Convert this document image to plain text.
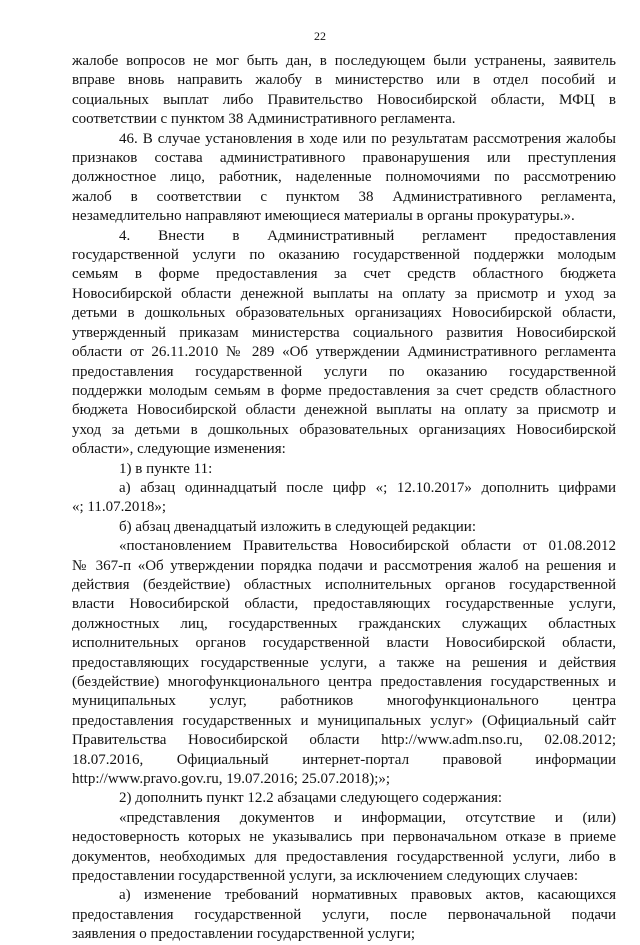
22

жалобе вопросов не мог быть дан, в последующем были устранены, заявитель

вправе вновь направить жалобу в министерство или в отдел пособий и

социальных выплат либо Правительство Новосибирской области, МФЦ в

соответствии с пунктом 38 Административного регламента.

46. В случае установления в ходе или по результатам рассмотрения жалобы

признаков состава административного правонарушения или преступления

должностное лицо, работник, наделенные полномочиями по рассмотрению

жалоб в соответствии с пунктом 38 Административного регламента,

незамедлительно направляют имеющиеся материалы в органы прокуратуры.».

4. Внести в Административный регламент предоставления

государственной услуги по оказанию государственной поддержки молодым

семьям в форме предоставления за счет средств областного бюджета

Новосибирской области денежной выплаты на оплату за присмотр и уход за

детьми в дошкольных образовательных организациях Новосибирской области,

утвержденный приказам министерства социального развития Новосибирской

области от 26.11.2010 № 289 «Об утверждении Административного регламента

предоставления государственной услуги по оказанию государственной

поддержки молодым семьям в форме предоставления за счет средств областного

бюджета Новосибирской области денежной выплаты на оплату за присмотр и

уход за детьми в дошкольных образовательных организациях Новосибирской

области», следующие изменения:

1) в пункте 11:

а) абзац одиннадцатый после цифр «; 12.10.2017» дополнить цифрами

«; 11.07.2018»;

б) абзац двенадцатый изложить в следующей редакции:

«постановлением Правительства Новосибирской области от 01.08.2012

№ 367-п «Об утверждении порядка подачи и рассмотрения жалоб на решения и

действия (бездействие) областных исполнительных органов государственной

власти Новосибирской области, предоставляющих государственные услуги,

должностных лиц, государственных гражданских служащих областных

исполнительных органов государственной власти Новосибирской области,

предоставляющих государственные услуги, а также на решения и действия

(бездействие) многофункционального центра предоставления государственных и

муниципальных услуг, работников многофункционального центра

предоставления государственных и муниципальных услуг» (Официальный сайт

Правительства Новосибирской области http://www.adm.nso.ru, 02.08.2012;

18.07.2016, Официальный интернет-портал правовой информации

http://www.pravo.gov.ru, 19.07.2016; 25.07.2018);»;

2) дополнить пункт 12.2 абзацами следующего содержания:

«представления документов и информации, отсутствие и (или)

недостоверность которых не указывались при первоначальном отказе в приеме

документов, необходимых для предоставления государственной услуги, либо в

предоставлении государственной услуги, за исключением следующих случаев:

а) изменение требований нормативных правовых актов, касающихся

предоставления государственной услуги, после первоначальной подачи

заявления о предоставлении государственной услуги;
